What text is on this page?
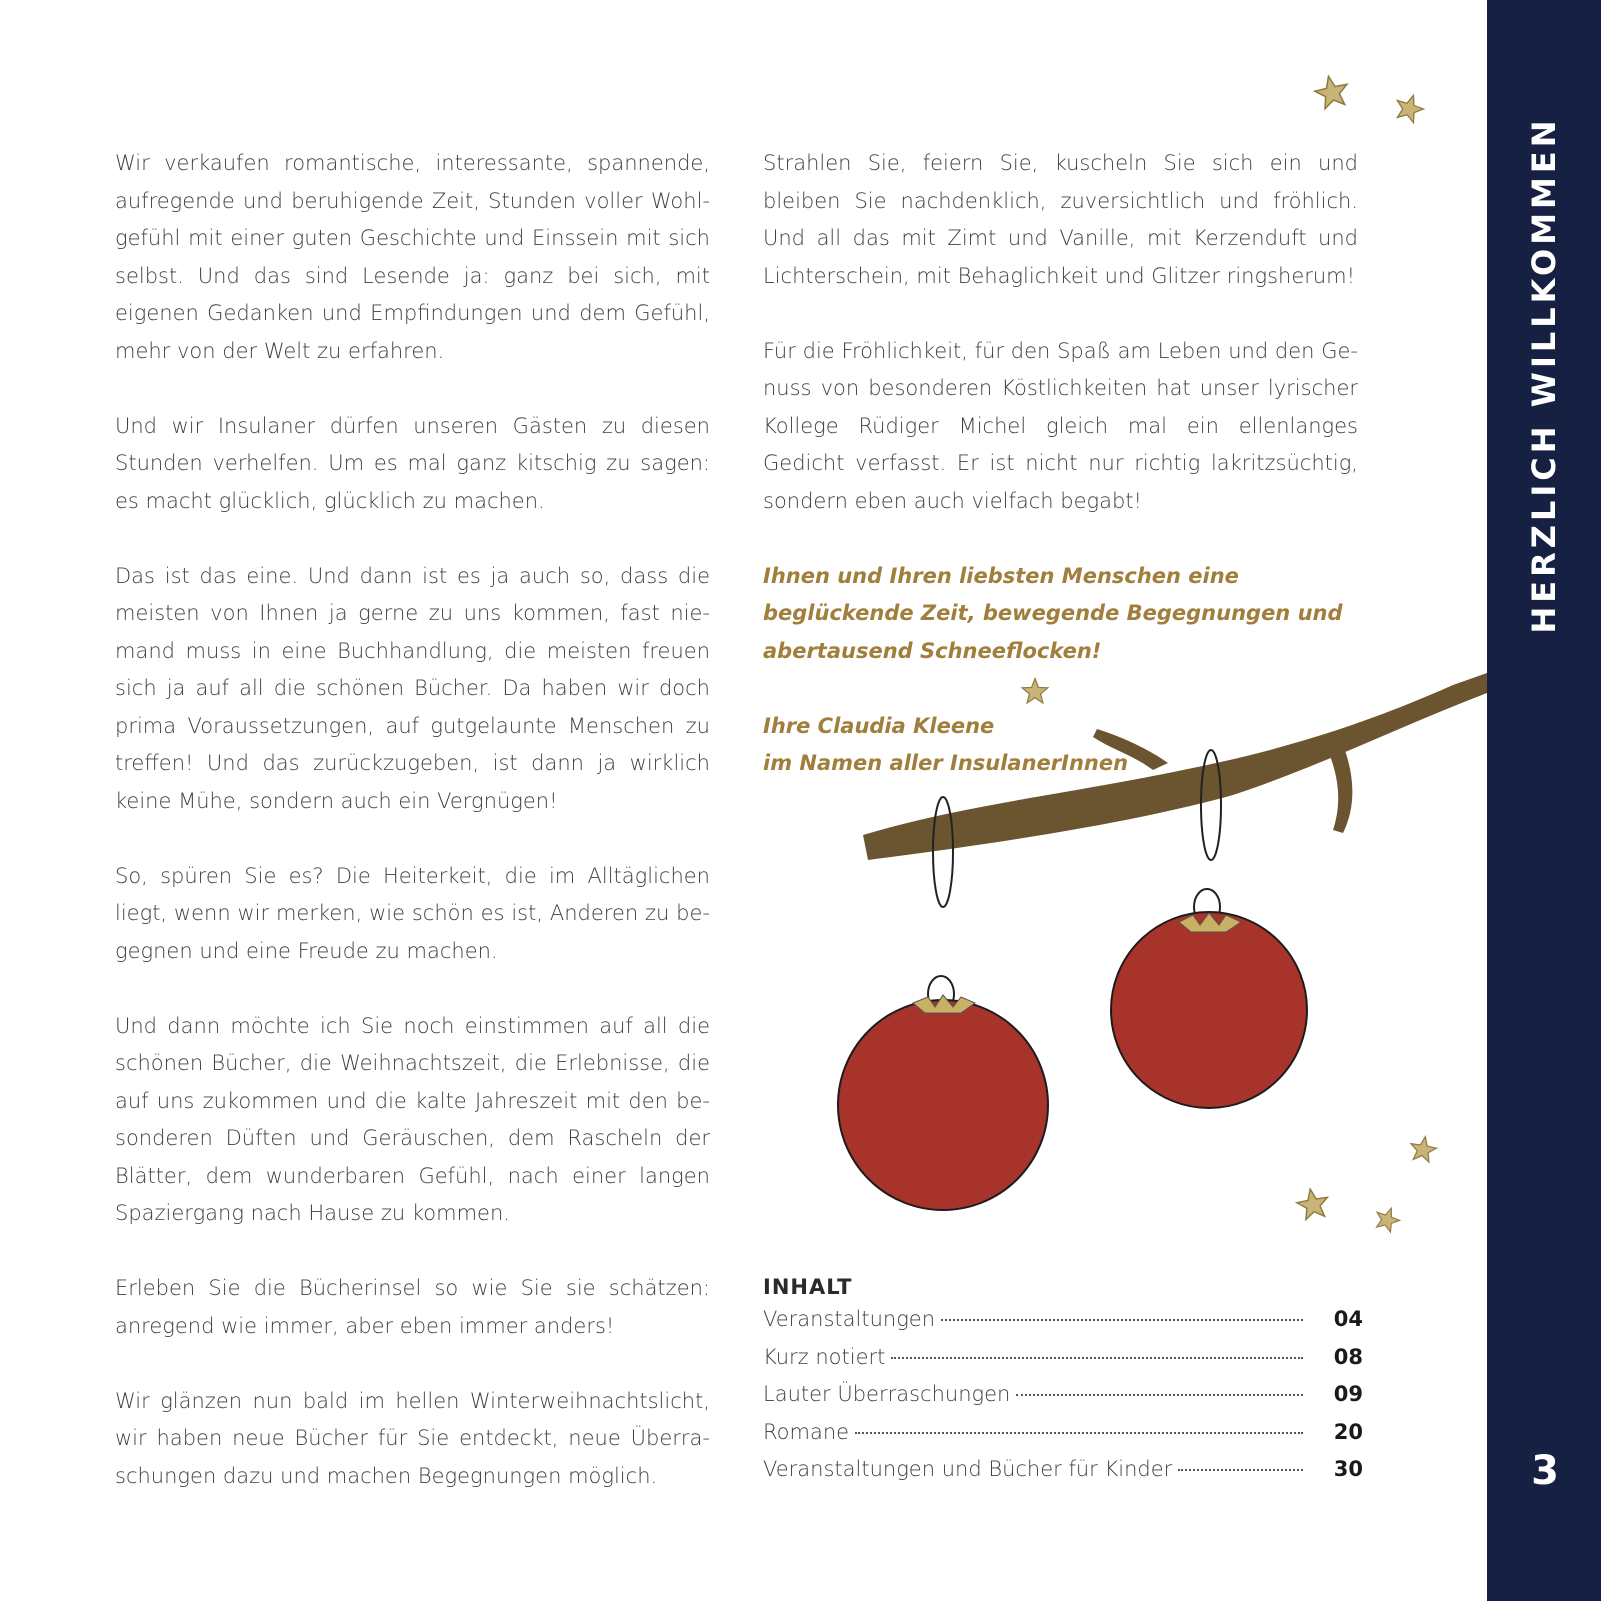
HERZLICH WILLKOMMEN
3

Wir verkaufen romantische, interessante, spannende, aufregende und beruhigende Zeit, Stunden voller Wohlgefühl mit einer guten Geschichte und Einssein mit sich selbst. Und das sind Lesende ja: ganz bei sich, mit eigenen Gedanken und Empfindungen und dem Gefühl, mehr von der Welt zu erfahren.

Und wir Insulaner dürfen unseren Gästen zu diesen Stunden verhelfen. Um es mal ganz kitschig zu sagen: es macht glücklich, glücklich zu machen.

Das ist das eine. Und dann ist es ja auch so, dass die meisten von Ihnen ja gerne zu uns kommen, fast niemand muss in eine Buchhandlung, die meisten freuen sich ja auf all die schönen Bücher. Da haben wir doch prima Voraussetzungen, auf gutgelaunte Menschen zu treffen! Und das zurückzugeben, ist dann ja wirklich keine Mühe, sondern auch ein Vergnügen!

So, spüren Sie es? Die Heiterkeit, die im Alltäglichen liegt, wenn wir merken, wie schön es ist, Anderen zu begegnen und eine Freude zu machen.

Und dann möchte ich Sie noch einstimmen auf all die schönen Bücher, die Weihnachtszeit, die Erlebnisse, die auf uns zukommen und die kalte Jahreszeit mit den besonderen Düften und Geräuschen, dem Rascheln der Blätter, dem wunderbaren Gefühl, nach einer langen Spaziergang nach Hause zu kommen.

Erleben Sie die Bücherinsel so wie Sie sie schätzen: anregend wie immer, aber eben immer anders!

Wir glänzen nun bald im hellen Winterweihnachtslicht, wir haben neue Bücher für Sie entdeckt, neue Überraschungen dazu und machen Begegnungen möglich.

Strahlen Sie, feiern Sie, kuscheln Sie sich ein und bleiben Sie nachdenklich, zuversichtlich und fröhlich. Und all das mit Zimt und Vanille, mit Kerzenduft und Lichterschein, mit Behaglichkeit und Glitzer ringsherum!

Für die Fröhlichkeit, für den Spaß am Leben und den Genuss von besonderen Köstlichkeiten hat unser lyrischer Kollege Rüdiger Michel gleich mal ein ellenlanges Gedicht verfasst. Er ist nicht nur richtig lakritzsüchtig, sondern eben auch vielfach begabt!

Ihnen und Ihren liebsten Menschen eine beglückende Zeit, bewegende Begegnungen und abertausend Schneeflocken!

Ihre Claudia Kleene
im Namen aller InsulanerInnen
INHALT
Veranstaltungen	04
Kurz notiert	08
Lauter Überraschungen	09
Romane	20
Veranstaltungen und Bücher für Kinder	30
